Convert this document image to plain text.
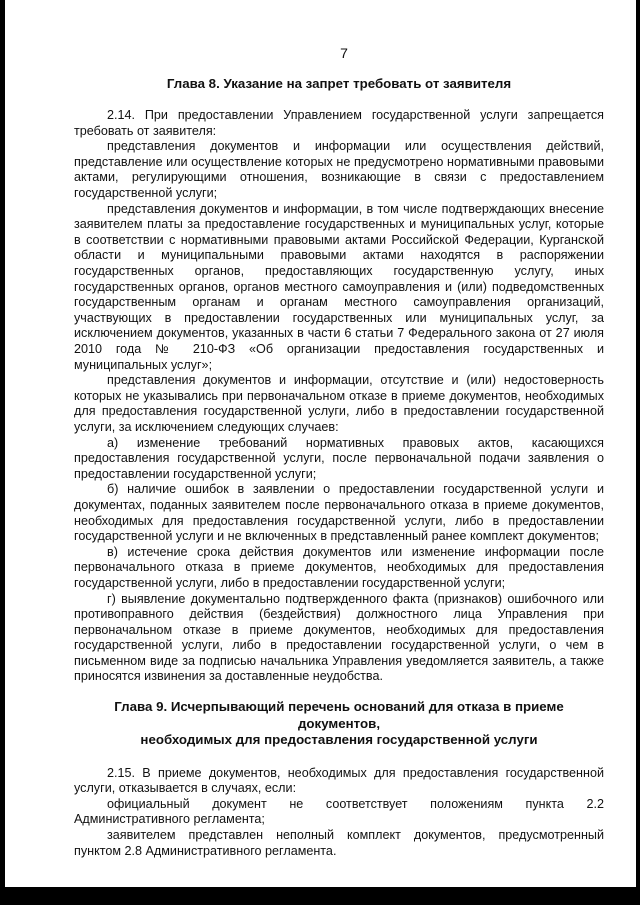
7
Глава 8. Указание на запрет требовать от заявителя

2.14. При предоставлении Управлением государственной услуги запрещается требовать от заявителя:

представления документов и информации или осуществления действий, представление или осуществление которых не предусмотрено нормативными правовыми актами, регулирующими отношения, возникающие в связи с предоставлением государственной услуги;

представления документов и информации, в том числе подтверждающих внесение заявителем платы за предоставление государственных и муниципальных услуг, которые в соответствии с нормативными правовыми актами Российской Федерации, Курганской области и муниципальными правовыми актами находятся в распоряжении государственных органов, предоставляющих государственную услугу, иных государственных органов, органов местного самоуправления и (или) подведомственных государственным органам и органам местного самоуправления организаций, участвующих в предоставлении государственных или муниципальных услуг, за исключением документов, указанных в части 6 статьи 7 Федерального закона от 27 июля 2010 года № 210-ФЗ «Об организации предоставления государственных и муниципальных услуг»;

представления документов и информации, отсутствие и (или) недостоверность которых не указывались при первоначальном отказе в приеме документов, необходимых для предоставления государственной услуги, либо в предоставлении государственной услуги, за исключением следующих случаев:

а) изменение требований нормативных правовых актов, касающихся предоставления государственной услуги, после первоначальной подачи заявления о предоставлении государственной услуги;

б) наличие ошибок в заявлении о предоставлении государственной услуги и документах, поданных заявителем после первоначального отказа в приеме документов, необходимых для предоставления государственной услуги, либо в предоставлении государственной услуги и не включенных в представленный ранее комплект документов;

в) истечение срока действия документов или изменение информации после первоначального отказа в приеме документов, необходимых для предоставления государственной услуги, либо в предоставлении государственной услуги;

г) выявление документально подтвержденного факта (признаков) ошибочного или противоправного действия (бездействия) должностного лица Управления при первоначальном отказе в приеме документов, необходимых для предоставления государственной услуги, либо в предоставлении государственной услуги, о чем в письменном виде за подписью начальника Управления уведомляется заявитель, а также приносятся извинения за доставленные неудобства.

Глава 9. Исчерпывающий перечень оснований для отказа в приеме документов,
необходимых для предоставления государственной услуги

2.15. В приеме документов, необходимых для предоставления государственной услуги, отказывается в случаях, если:

официальный документ не соответствует положениям пункта 2.2 Административного регламента;

заявителем представлен неполный комплект документов, предусмотренный пунктом 2.8 Административного регламента.
